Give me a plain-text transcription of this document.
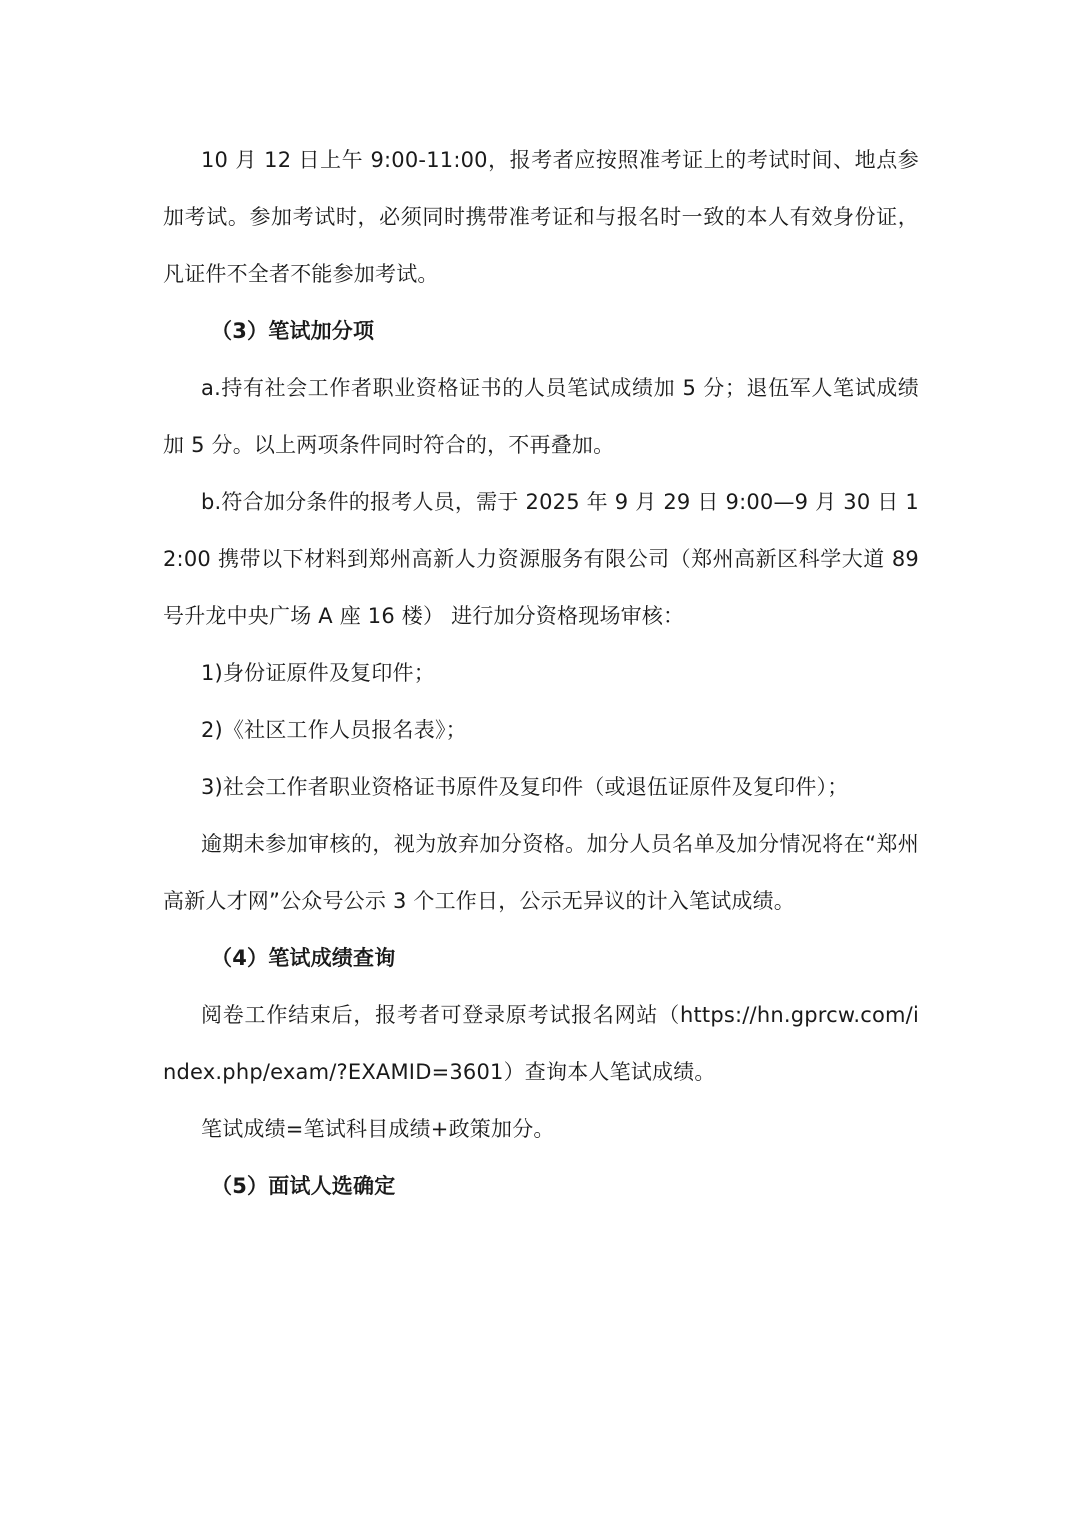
10 月 12 日上午 9:00-11:00，报考者应按照准考证上的考试时间、地点参加考试。参加考试时，必须同时携带准考证和与报名时一致的本人有效身份证，凡证件不全者不能参加考试。

（3）笔试加分项

a.持有社会工作者职业资格证书的人员笔试成绩加 5 分；退伍军人笔试成绩加 5 分。以上两项条件同时符合的，不再叠加。

b.符合加分条件的报考人员，需于 2025 年 9 月 29 日 9:00—9 月 30 日 12:00 携带以下材料到郑州高新人力资源服务有限公司（郑州高新区科学大道 89 号升龙中央广场 A 座 16 楼） 进行加分资格现场审核：

1)身份证原件及复印件；

2)《社区工作人员报名表》；

3)社会工作者职业资格证书原件及复印件（或退伍证原件及复印件）；

逾期未参加审核的，视为放弃加分资格。加分人员名单及加分情况将在“郑州高新人才网”公众号公示 3 个工作日，公示无异议的计入笔试成绩。

（4）笔试成绩查询

阅卷工作结束后，报考者可登录原考试报名网站（https://hn.gprcw.com/index.php/exam/?EXAMID=3601）查询本人笔试成绩。

笔试成绩=笔试科目成绩+政策加分。

（5）面试人选确定
